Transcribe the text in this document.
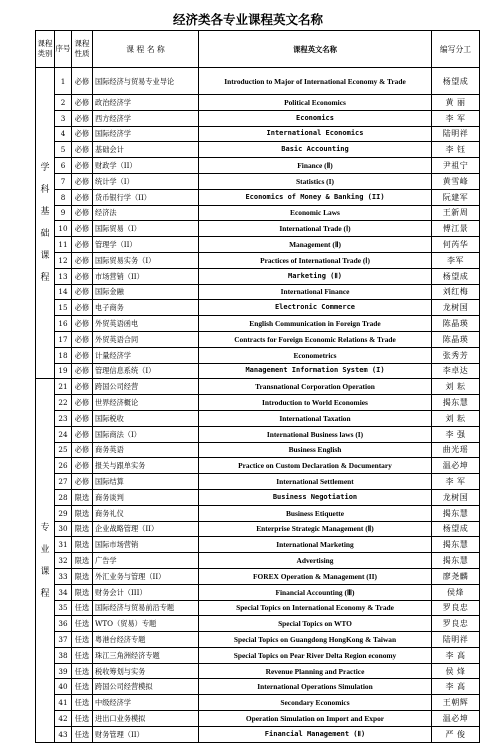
经济类各专业课程英文名称
课程类别	序号	课程性质	课 程 名 称	课程英文名称	编写分工
学科基础课程	1	必修	国际经济与贸易专业导论	Introduction to Major of International Economy & Trade	杨望成
	2	必修	政治经济学	Political Economics	黄 丽
	3	必修	西方经济学	Economics	李 军
	4	必修	国际经济学	International Economics	陆明祥
	5	必修	基础会计	Basic Accounting	李 钰
	6	必修	财政学（II）	Finance (Ⅱ)	尹祖宁
	7	必修	统计学（I）	Statistics (I)	黄雪峰
	8	必修	货币银行学（II）	Economics of Money & Banking (II)	阮建军
	9	必修	经济法	Economic Laws	王新周
	10	必修	国际贸易（I）	International Trade (Ⅰ)	傅江景
	11	必修	管理学（II）	Management (Ⅱ)	何芮华
	12	必修	国际贸易实务（I）	Practices of International Trade (Ⅰ)	李军
	13	必修	市场营销（II）	Marketing (Ⅱ)	杨望成
	14	必修	国际金融	International Finance	刘红梅
	15	必修	电子商务	Electronic Commerce	龙树国
	16	必修	外贸英语函电	English Communication in Foreign Trade	陈晶瑛
	17	必修	外贸英语合同	Contracts for Foreign Economic Relations & Trade	陈晶瑛
	18	必修	计量经济学	Econometrics	张秀芳
	19	必修	管理信息系统（I）	Management Information System (I)	李卓达
专业课程	21	必修	跨国公司经营	Transnational Corporation Operation	刘 耘
	22	必修	世界经济概论	Introduction to World Economies	揭东慧
	23	必修	国际税收	International Taxation	刘 耘
	24	必修	国际商法（I）	International Business laws (I)	李 强
	25	必修	商务英语	Business English	曲光瑶
	26	必修	报关与跟单实务	Practice on Custom Declaration & Documentary	温必坤
	27	必修	国际结算	International Settlement	李 军
	28	限选	商务谈判	Business Negotiation	龙树国
	29	限选	商务礼仪	Business Etiquette	揭东慧
	30	限选	企业战略管理（II）	Enterprise Strategic Management (Ⅱ)	杨望成
	31	限选	国际市场营销	International Marketing	揭东慧
	32	限选	广告学	Advertising	揭东慧
	33	限选	外汇业务与管理（II）	FOREX Operation & Management (II)	廖尧麟
	34	限选	财务会计（III）	Financial Accounting (Ⅲ)	侯烽
	35	任选	国际经济与贸易前沿专题	Special Topics on International Economy & Trade	罗良忠
	36	任选	WTO（贸易）专题	Special Topics on WTO	罗良忠
	37	任选	粤港台经济专题	Special Topics on Guangdong HongKong & Taiwan	陆明祥
	38	任选	珠江三角洲经济专题	Special Topics on Pear River Delta Region economy	李 高
	39	任选	税收筹划与实务	Revenue Planning and Practice	侯 烽
	40	任选	跨国公司经营模拟	International Operations Simulation	李 高
	41	任选	中级经济学	Secondary Economics	王朝辉
	42	任选	进出口业务模拟	Operation Simulation on Import and Expor	温必坤
	43	任选	财务管理（II）	Financial Management (Ⅱ)	严 俊
